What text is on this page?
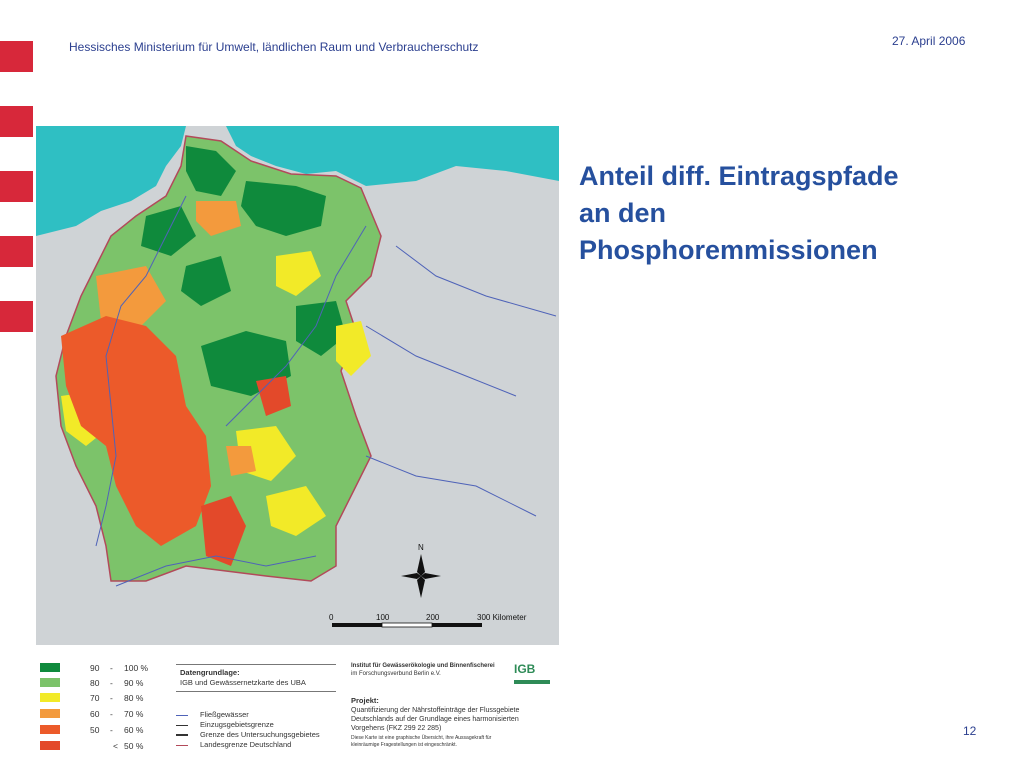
Hessisches Ministerium für Umwelt, ländlichen Raum und Verbraucherschutz	27. April 2006
Anteil diff. Eintragspfade
an den
Phosphoremmissionen
N
0	100	200	300 Kilometer
90	-	100 %
80	-	90 %
70	-	80 %
60	-	70 %
50	-	60 %
< 50 %
Datengrundlage:
IGB und Gewässernetzkarte des UBA
Fließgewässer
Einzugsgebietsgrenze
Grenze des Untersuchungsgebietes
Landesgrenze Deutschland
Institut für Gewässerökologie und Binnenfischerei
im Forschungsverbund Berlin e.V.	IGB
Projekt:
Quantifizierung der Nährstoffeinträge der Flussgebiete
Deutschlands auf der Grundlage eines harmonisierten
Vorgehens (FKZ 299 22 285)
Diese Karte ist eine graphische Übersicht, ihre Aussagekraft für
kleinräumige Fragestellungen ist eingeschränkt.
12
